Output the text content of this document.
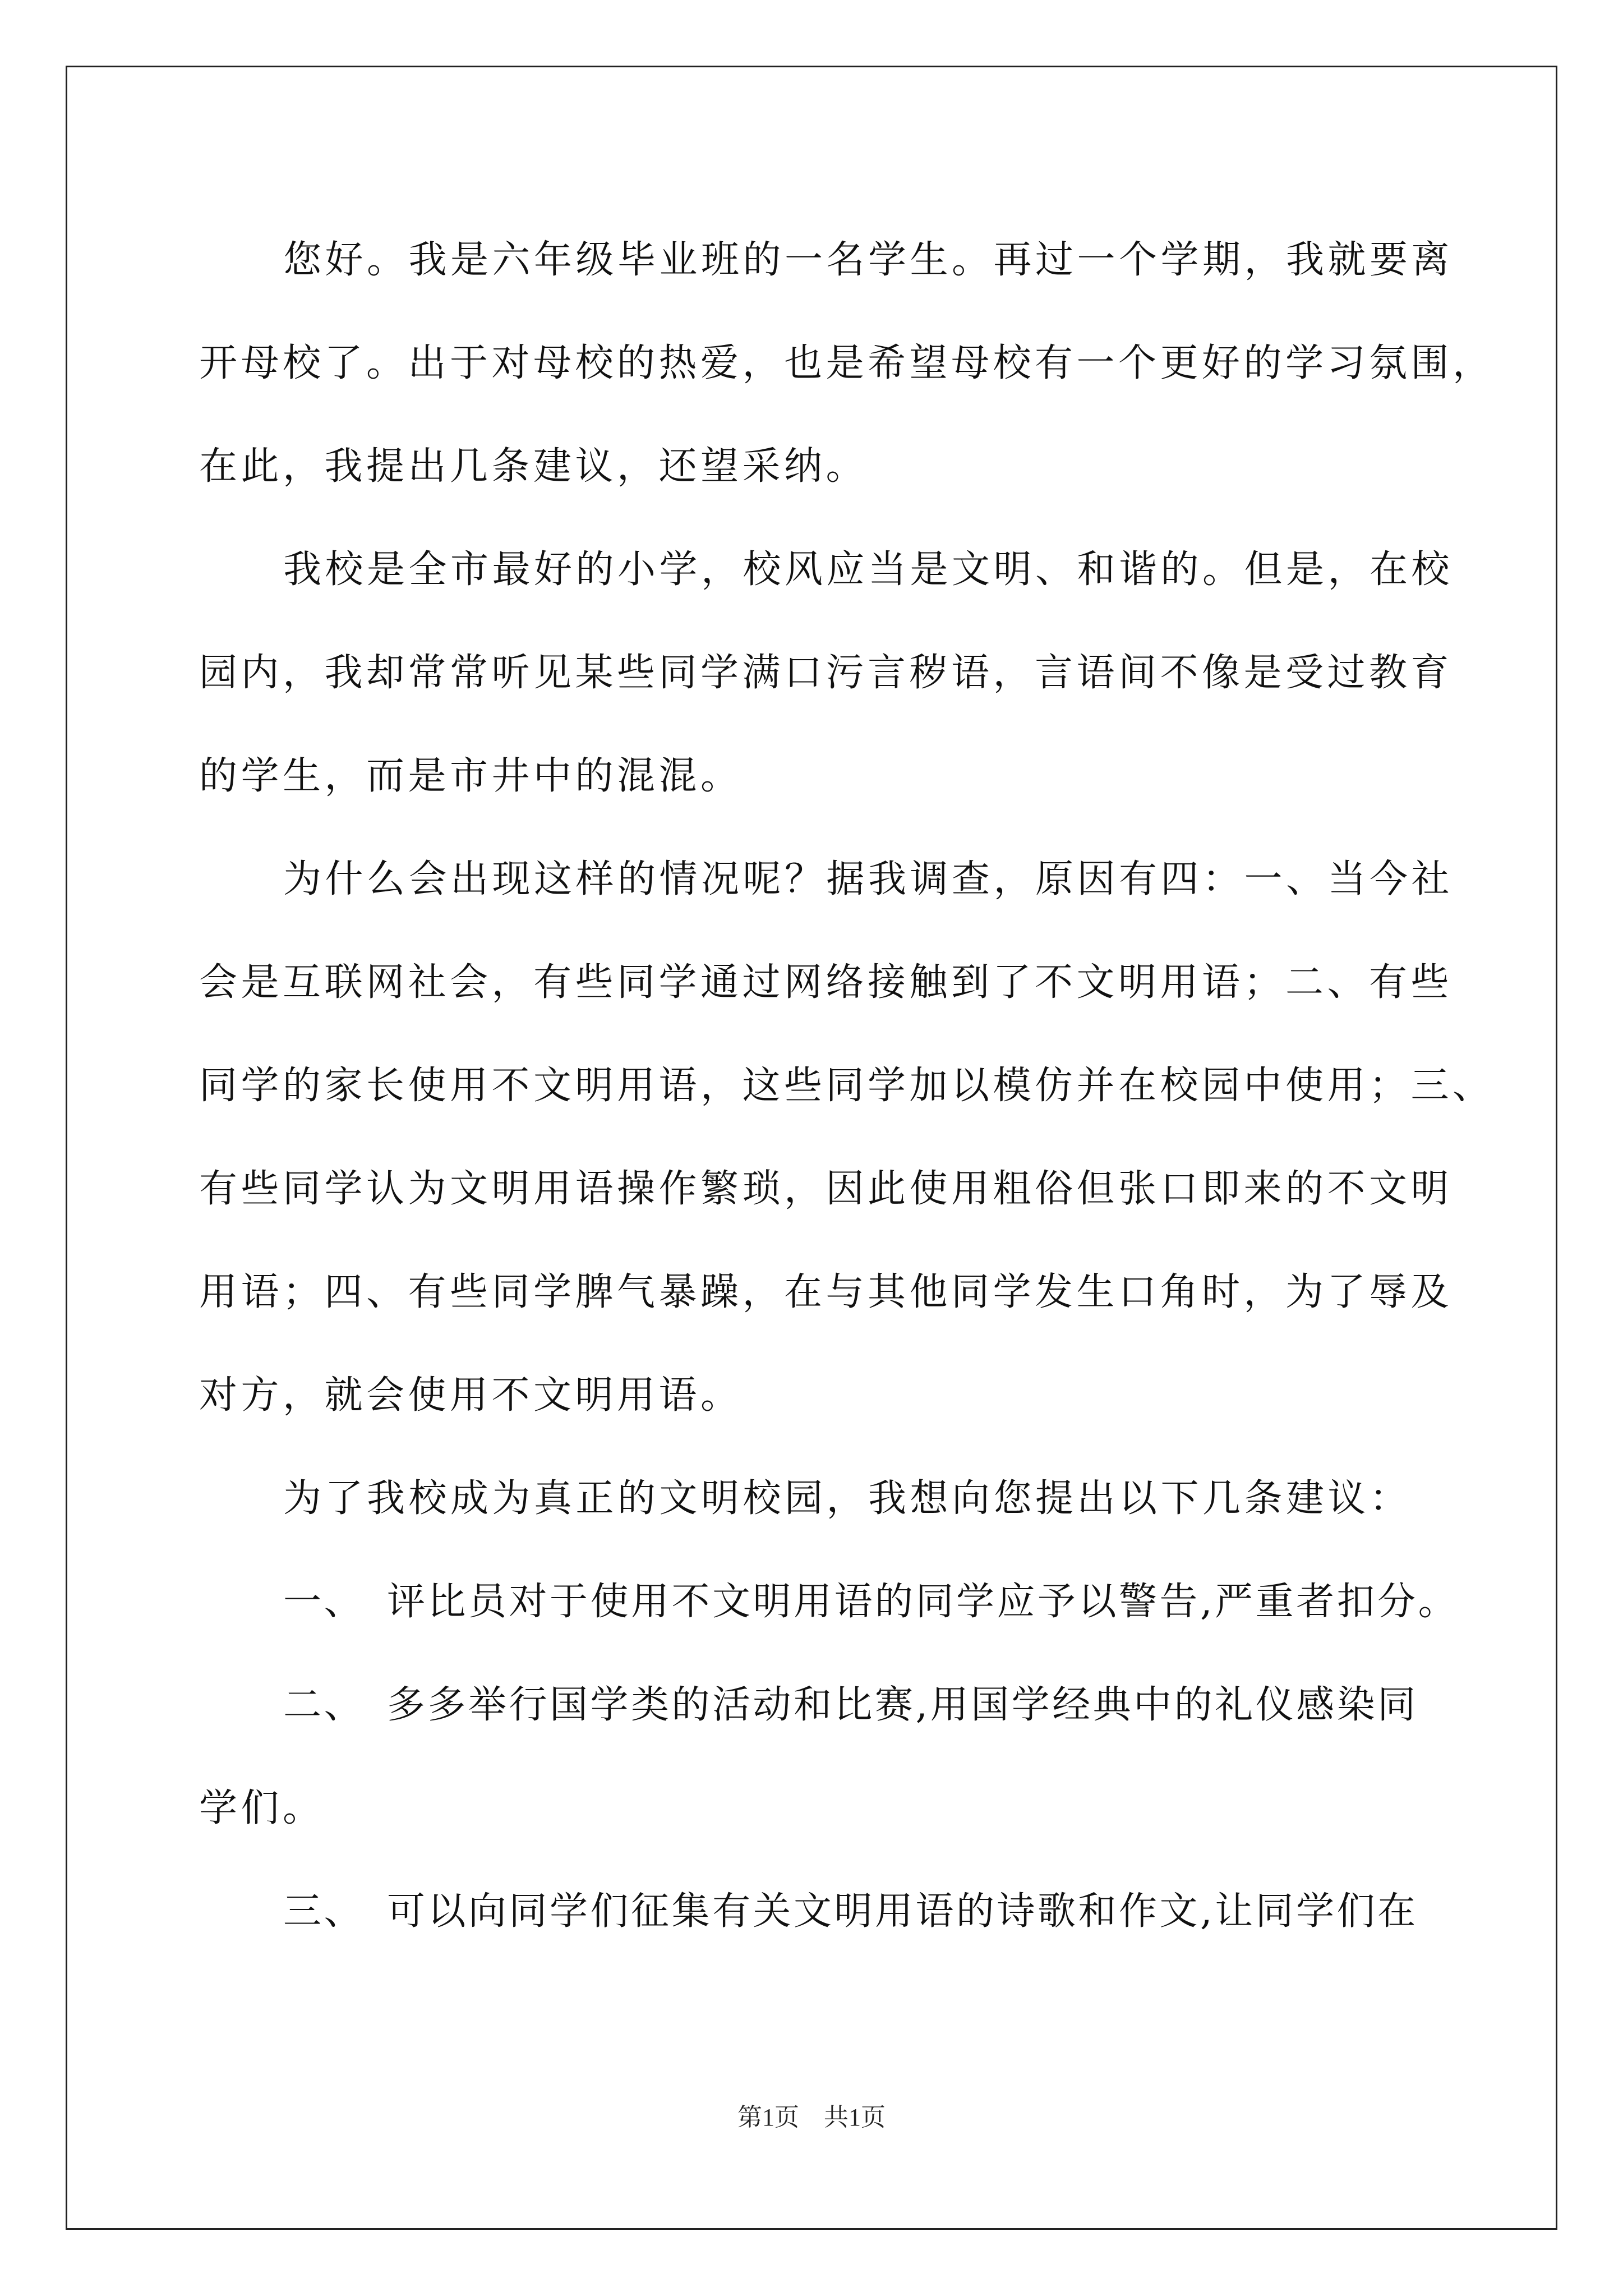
您好。我是六年级毕业班的一名学生。再过一个学期，我就要离
开母校了。出于对母校的热爱，也是希望母校有一个更好的学习氛围，
在此，我提出几条建议，还望采纳。
我校是全市最好的小学，校风应当是文明、和谐的。但是，在校
园内，我却常常听见某些同学满口污言秽语，言语间不像是受过教育
的学生，而是市井中的混混。
为什么会出现这样的情况呢？据我调查，原因有四：一、当今社
会是互联网社会，有些同学通过网络接触到了不文明用语；二、有些
同学的家长使用不文明用语，这些同学加以模仿并在校园中使用；三、
有些同学认为文明用语操作繁琐，因此使用粗俗但张口即来的不文明
用语；四、有些同学脾气暴躁，在与其他同学发生口角时，为了辱及
对方，就会使用不文明用语。
为了我校成为真正的文明校园，我想向您提出以下几条建议：
一、 评比员对于使用不文明用语的同学应予以警告,严重者扣分。
二、 多多举行国学类的活动和比赛,用国学经典中的礼仪感染同
学们。
三、 可以向同学们征集有关文明用语的诗歌和作文,让同学们在
第1页　共1页
